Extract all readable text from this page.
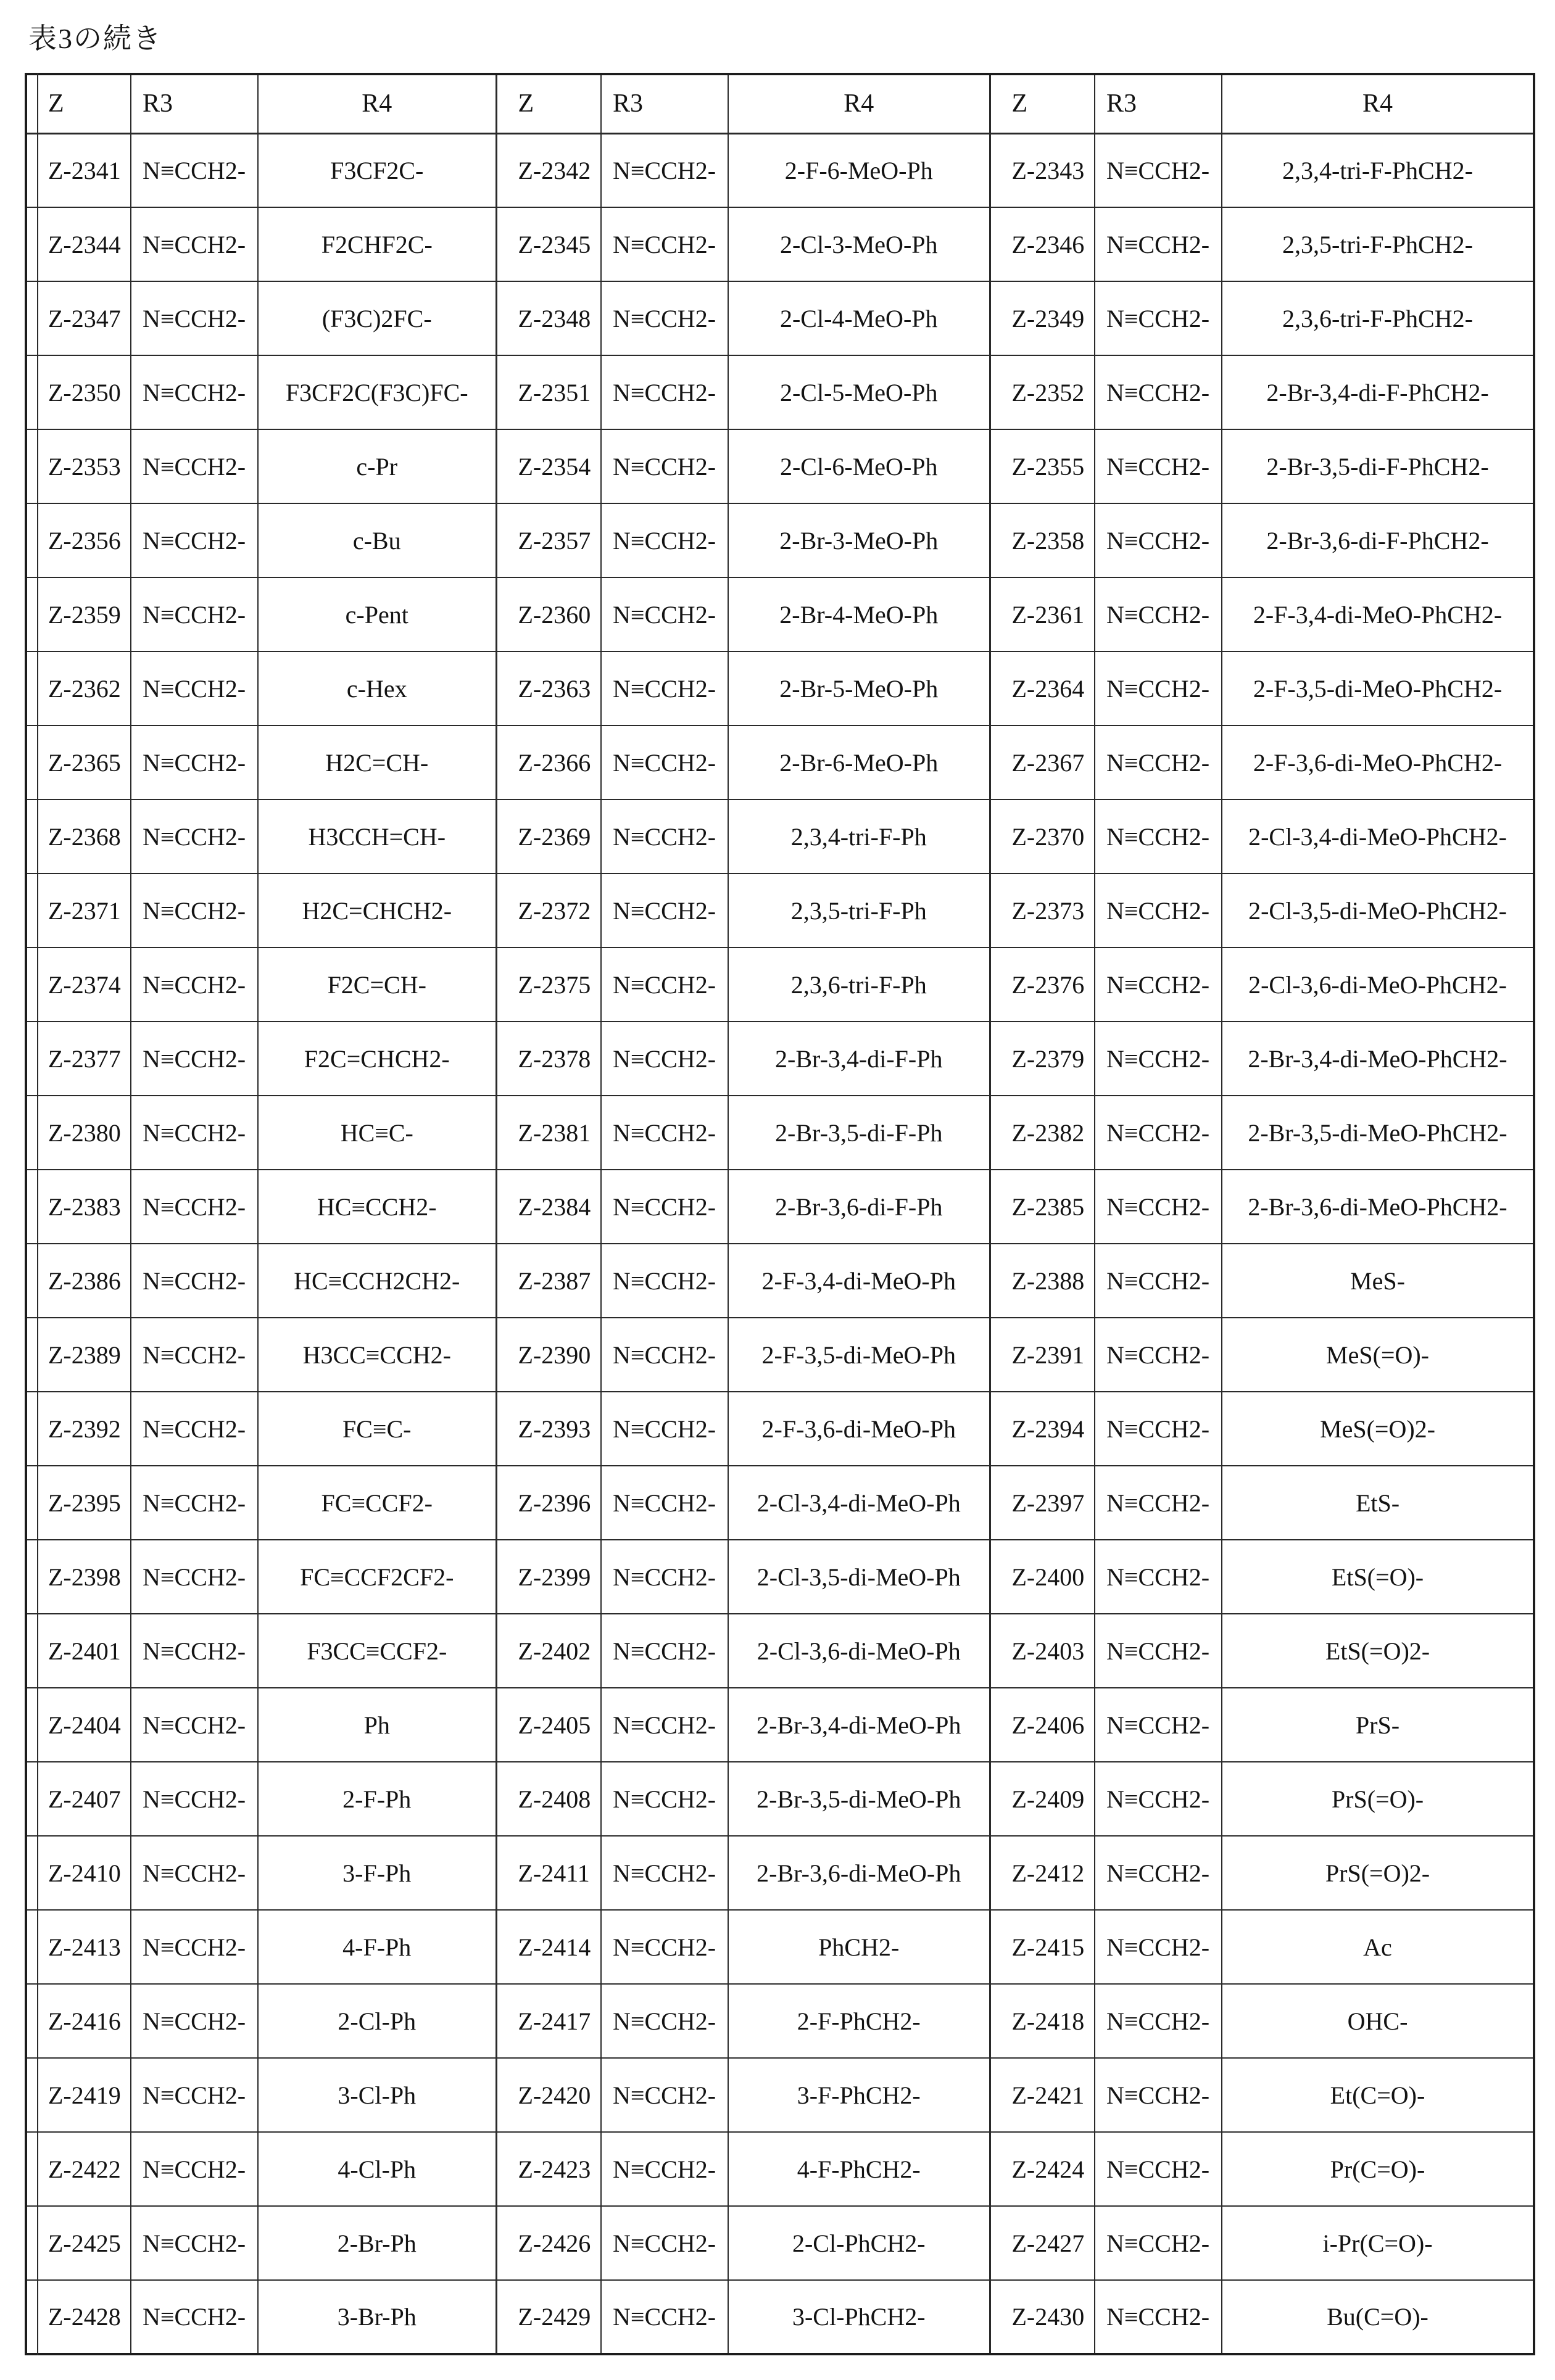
表3の続き
Z	R3	R4	Z	R3	R4	Z	R3	R4
Z-2341	N≡CCH2-	F3CF2C-	Z-2342	N≡CCH2-	2-F-6-MeO-Ph	Z-2343	N≡CCH2-	2,3,4-tri-F-PhCH2-
Z-2344	N≡CCH2-	F2CHF2C-	Z-2345	N≡CCH2-	2-Cl-3-MeO-Ph	Z-2346	N≡CCH2-	2,3,5-tri-F-PhCH2-
Z-2347	N≡CCH2-	(F3C)2FC-	Z-2348	N≡CCH2-	2-Cl-4-MeO-Ph	Z-2349	N≡CCH2-	2,3,6-tri-F-PhCH2-
Z-2350	N≡CCH2-	F3CF2C(F3C)FC-	Z-2351	N≡CCH2-	2-Cl-5-MeO-Ph	Z-2352	N≡CCH2-	2-Br-3,4-di-F-PhCH2-
Z-2353	N≡CCH2-	c-Pr	Z-2354	N≡CCH2-	2-Cl-6-MeO-Ph	Z-2355	N≡CCH2-	2-Br-3,5-di-F-PhCH2-
Z-2356	N≡CCH2-	c-Bu	Z-2357	N≡CCH2-	2-Br-3-MeO-Ph	Z-2358	N≡CCH2-	2-Br-3,6-di-F-PhCH2-
Z-2359	N≡CCH2-	c-Pent	Z-2360	N≡CCH2-	2-Br-4-MeO-Ph	Z-2361	N≡CCH2-	2-F-3,4-di-MeO-PhCH2-
Z-2362	N≡CCH2-	c-Hex	Z-2363	N≡CCH2-	2-Br-5-MeO-Ph	Z-2364	N≡CCH2-	2-F-3,5-di-MeO-PhCH2-
Z-2365	N≡CCH2-	H2C=CH-	Z-2366	N≡CCH2-	2-Br-6-MeO-Ph	Z-2367	N≡CCH2-	2-F-3,6-di-MeO-PhCH2-
Z-2368	N≡CCH2-	H3CCH=CH-	Z-2369	N≡CCH2-	2,3,4-tri-F-Ph	Z-2370	N≡CCH2-	2-Cl-3,4-di-MeO-PhCH2-
Z-2371	N≡CCH2-	H2C=CHCH2-	Z-2372	N≡CCH2-	2,3,5-tri-F-Ph	Z-2373	N≡CCH2-	2-Cl-3,5-di-MeO-PhCH2-
Z-2374	N≡CCH2-	F2C=CH-	Z-2375	N≡CCH2-	2,3,6-tri-F-Ph	Z-2376	N≡CCH2-	2-Cl-3,6-di-MeO-PhCH2-
Z-2377	N≡CCH2-	F2C=CHCH2-	Z-2378	N≡CCH2-	2-Br-3,4-di-F-Ph	Z-2379	N≡CCH2-	2-Br-3,4-di-MeO-PhCH2-
Z-2380	N≡CCH2-	HC≡C-	Z-2381	N≡CCH2-	2-Br-3,5-di-F-Ph	Z-2382	N≡CCH2-	2-Br-3,5-di-MeO-PhCH2-
Z-2383	N≡CCH2-	HC≡CCH2-	Z-2384	N≡CCH2-	2-Br-3,6-di-F-Ph	Z-2385	N≡CCH2-	2-Br-3,6-di-MeO-PhCH2-
Z-2386	N≡CCH2-	HC≡CCH2CH2-	Z-2387	N≡CCH2-	2-F-3,4-di-MeO-Ph	Z-2388	N≡CCH2-	MeS-
Z-2389	N≡CCH2-	H3CC≡CCH2-	Z-2390	N≡CCH2-	2-F-3,5-di-MeO-Ph	Z-2391	N≡CCH2-	MeS(=O)-
Z-2392	N≡CCH2-	FC≡C-	Z-2393	N≡CCH2-	2-F-3,6-di-MeO-Ph	Z-2394	N≡CCH2-	MeS(=O)2-
Z-2395	N≡CCH2-	FC≡CCF2-	Z-2396	N≡CCH2-	2-Cl-3,4-di-MeO-Ph	Z-2397	N≡CCH2-	EtS-
Z-2398	N≡CCH2-	FC≡CCF2CF2-	Z-2399	N≡CCH2-	2-Cl-3,5-di-MeO-Ph	Z-2400	N≡CCH2-	EtS(=O)-
Z-2401	N≡CCH2-	F3CC≡CCF2-	Z-2402	N≡CCH2-	2-Cl-3,6-di-MeO-Ph	Z-2403	N≡CCH2-	EtS(=O)2-
Z-2404	N≡CCH2-	Ph	Z-2405	N≡CCH2-	2-Br-3,4-di-MeO-Ph	Z-2406	N≡CCH2-	PrS-
Z-2407	N≡CCH2-	2-F-Ph	Z-2408	N≡CCH2-	2-Br-3,5-di-MeO-Ph	Z-2409	N≡CCH2-	PrS(=O)-
Z-2410	N≡CCH2-	3-F-Ph	Z-2411	N≡CCH2-	2-Br-3,6-di-MeO-Ph	Z-2412	N≡CCH2-	PrS(=O)2-
Z-2413	N≡CCH2-	4-F-Ph	Z-2414	N≡CCH2-	PhCH2-	Z-2415	N≡CCH2-	Ac
Z-2416	N≡CCH2-	2-Cl-Ph	Z-2417	N≡CCH2-	2-F-PhCH2-	Z-2418	N≡CCH2-	OHC-
Z-2419	N≡CCH2-	3-Cl-Ph	Z-2420	N≡CCH2-	3-F-PhCH2-	Z-2421	N≡CCH2-	Et(C=O)-
Z-2422	N≡CCH2-	4-Cl-Ph	Z-2423	N≡CCH2-	4-F-PhCH2-	Z-2424	N≡CCH2-	Pr(C=O)-
Z-2425	N≡CCH2-	2-Br-Ph	Z-2426	N≡CCH2-	2-Cl-PhCH2-	Z-2427	N≡CCH2-	i-Pr(C=O)-
Z-2428	N≡CCH2-	3-Br-Ph	Z-2429	N≡CCH2-	3-Cl-PhCH2-	Z-2430	N≡CCH2-	Bu(C=O)-
